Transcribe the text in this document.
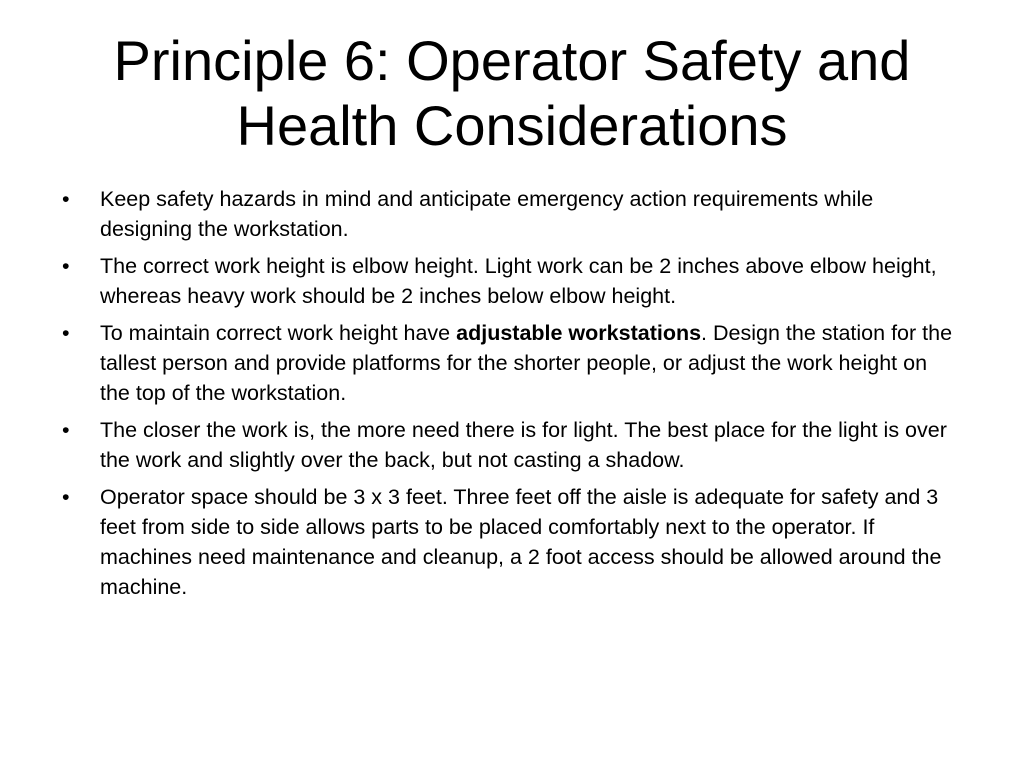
Principle 6: Operator Safety and Health Considerations
•	Keep safety hazards in mind and anticipate emergency action requirements while designing the workstation.
•	The correct work height is elbow height. Light work can be 2 inches above elbow height, whereas heavy work should be 2 inches below elbow height.
•	To maintain correct work height have adjustable workstations. Design the station for the tallest person and provide platforms for the shorter people, or adjust the work height on the top of the workstation.
•	The closer the work is, the more need there is for light. The best place for the light is over the work and slightly over the back, but not casting a shadow.
•	Operator space should be 3 x 3 feet. Three feet off the aisle is adequate for safety and 3 feet from side to side allows parts to be placed comfortably next to the operator. If machines need maintenance and cleanup, a 2 foot access should be allowed around the machine.
